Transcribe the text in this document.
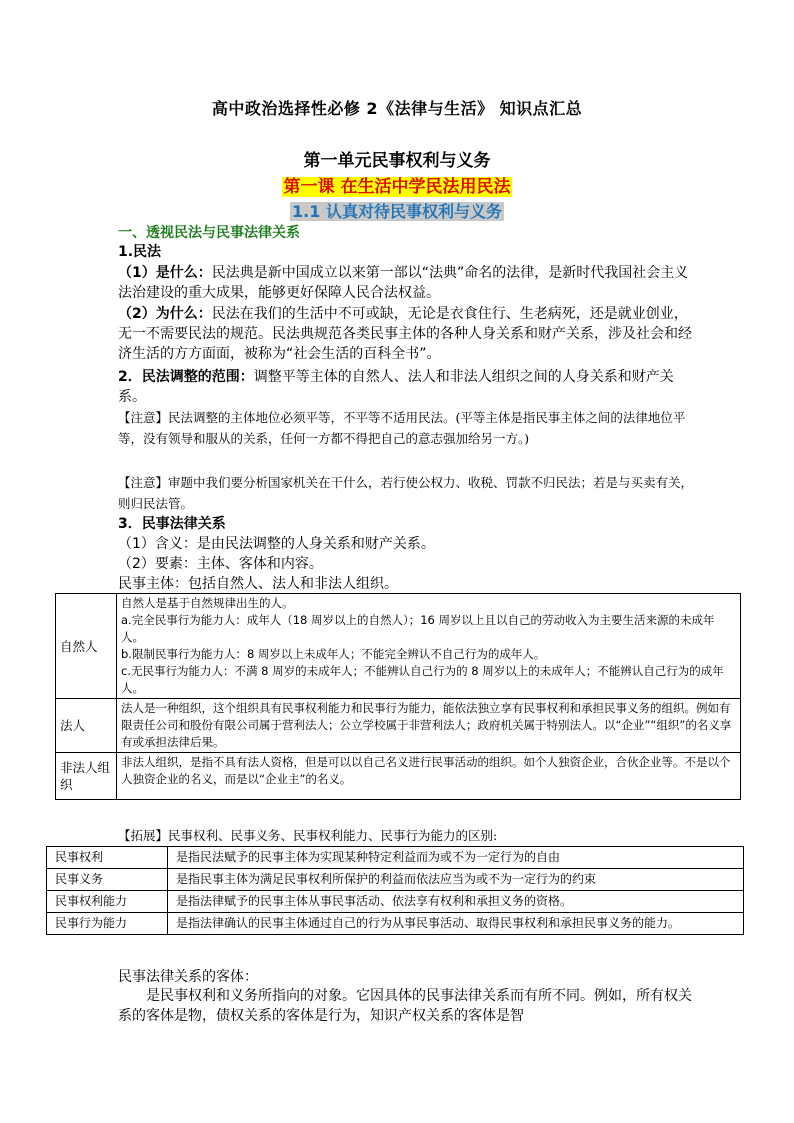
高中政治选择性必修 2《法律与生活》 知识点汇总
第一单元民事权利与义务
第一课 在生活中学民法用民法
1.1 认真对待民事权利与义务
一、透视民法与民事法律关系
1.民法
（1）是什么：民法典是新中国成立以来第一部以“法典”命名的法律，是新时代我国社会主义法治建设的重大成果，能够更好保障人民合法权益。
（2）为什么：民法在我们的生活中不可或缺，无论是衣食住行、生老病死，还是就业创业，无一不需要民法的规范。民法典规范各类民事主体的各种人身关系和财产关系，涉及社会和经济生活的方方面面，被称为“社会生活的百科全书”。
2．民法调整的范围：调整平等主体的自然人、法人和非法人组织之间的人身关系和财产关系。
【注意】民法调整的主体地位必须平等，不平等不适用民法。(平等主体是指民事主体之间的法律地位平等，没有领导和服从的关系，任何一方都不得把自己的意志强加给另一方。)
【注意】审题中我们要分析国家机关在干什么，若行使公权力、收税、罚款不归民法；若是与买卖有关，则归民法管。
3．民事法律关系
（1）含义：是由民法调整的人身关系和财产关系。
（2）要素：主体、客体和内容。
民事主体：包括自然人、法人和非法人组织。
自然人	自然人是基于自然规律出生的人。
a.完全民事行为能力人：成年人（18 周岁以上的自然人）；16 周岁以上且以自己的劳动收入为主要生活来源的未成年人。
b.限制民事行为能力人：8 周岁以上未成年人；不能完全辨认不自己行为的成年人。
c.无民事行为能力人：不满 8 周岁的未成年人；不能辨认自己行为的 8 周岁以上的未成年人；不能辨认自己行为的成年人。

法人	法人是一种组织，这个组织具有民事权利能力和民事行为能力，能依法独立享有民事权利和承担民事义务的组织。例如有限责任公司和股份有限公司属于营利法人；公立学校属于非营利法人；政府机关属于特别法人。以“企业”“组织”的名义享有或承担法律后果。
非法人组织	非法人组织，是指不具有法人资格，但是可以以自己名义进行民事活动的组织。如个人独资企业，合伙企业等。不是以个人独资企业的名义，而是以“企业主”的名义。
【拓展】民事权利、民事义务、民事权利能力、民事行为能力的区别:
民事权利	是指民法赋予的民事主体为实现某种特定利益而为或不为一定行为的自由
民事义务	是指民事主体为满足民事权利所保护的利益而依法应当为或不为一定行为的约束
民事权利能力	是指法律赋予的民事主体从事民事活动、依法享有权利和承担义务的资格。
民事行为能力	是指法律确认的民事主体通过自己的行为从事民事活动、取得民事权利和承担民事义务的能力。
民事法律关系的客体：
是民事权利和义务所指向的对象。它因具体的民事法律关系而有所不同。例如，所有权关系的客体是物，债权关系的客体是行为，知识产权关系的客体是智
